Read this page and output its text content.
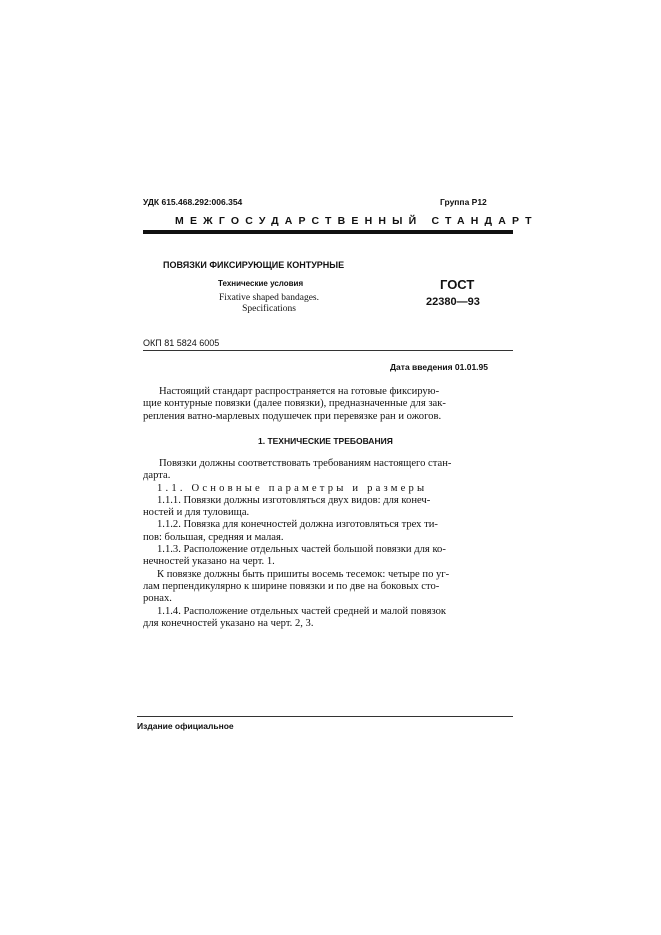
УДК 615.468.292:006.354	Группа Р12
МЕЖГОСУДАРСТВЕННЫЙ СТАНДАРТ
ПОВЯЗКИ ФИКСИРУЮЩИЕ КОНТУРНЫЕ
Технические условия
Fixative shaped bandages.
Specifications
ГОСТ
22380—93
ОКП 81 5824 6005
Дата введения 01.01.95
Настоящий стандарт распространяется на готовые фиксирую-
щие контурные повязки (далее повязки), предназначенные для зак-
репления ватно-марлевых подушечек при перевязке ран и ожогов.
1. ТЕХНИЧЕСКИЕ ТРЕБОВАНИЯ
Повязки должны соответствовать требованиям настоящего стан-
дарта.
1.1. Основные параметры и размеры
1.1.1. Повязки должны изготовляться двух видов: для конеч-
ностей и для туловища.
1.1.2. Повязка для конечностей должна изготовляться трех ти-
пов: большая, средняя и малая.
1.1.3. Расположение отдельных частей большой повязки для ко-
нечностей указано на черт. 1.
К повязке должны быть пришиты восемь тесемок: четыре по уг-
лам перпендикулярно к ширине повязки и по две на боковых сто-
ронах.
1.1.4. Расположение отдельных частей средней и малой повязок
для конечностей указано на черт. 2, 3.
Издание официальное
